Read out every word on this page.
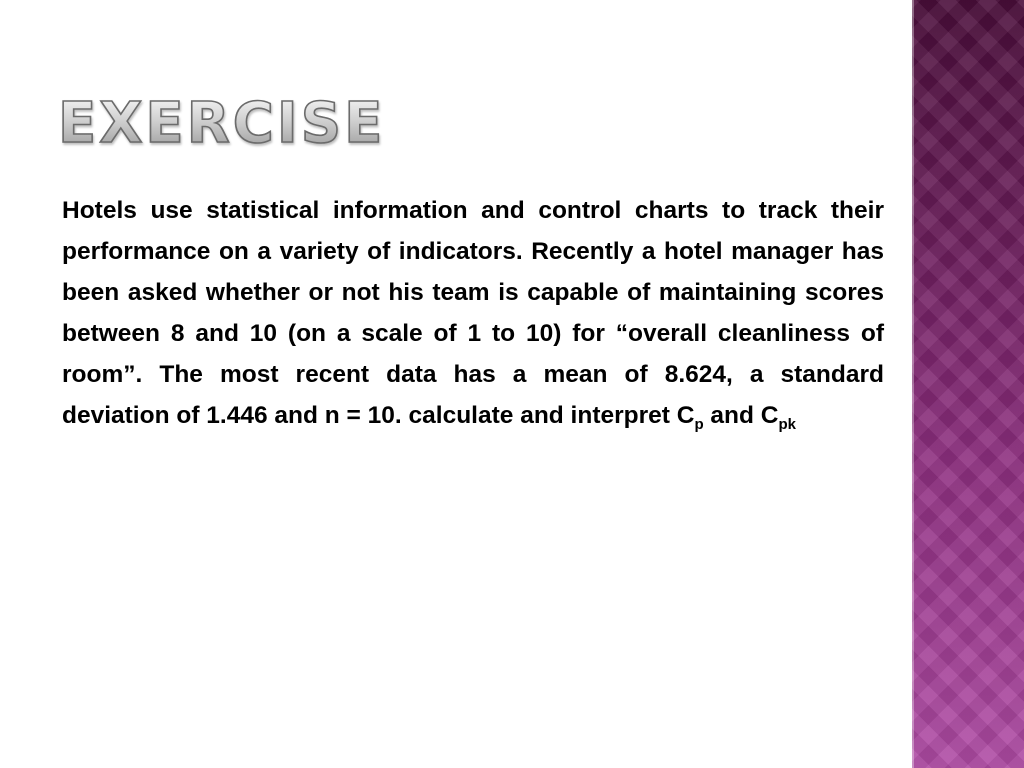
EXERCISE

Hotels use statistical information and control charts to track their performance on a variety of indicators. Recently a hotel manager has been asked whether or not his team is capable of maintaining scores between 8 and 10 (on a scale of 1 to 10) for “overall cleanliness of room”. The most recent data has a mean of 8.624, a standard deviation of 1.446 and n = 10. calculate and interpret $C_p$ and $C_{pk}$
